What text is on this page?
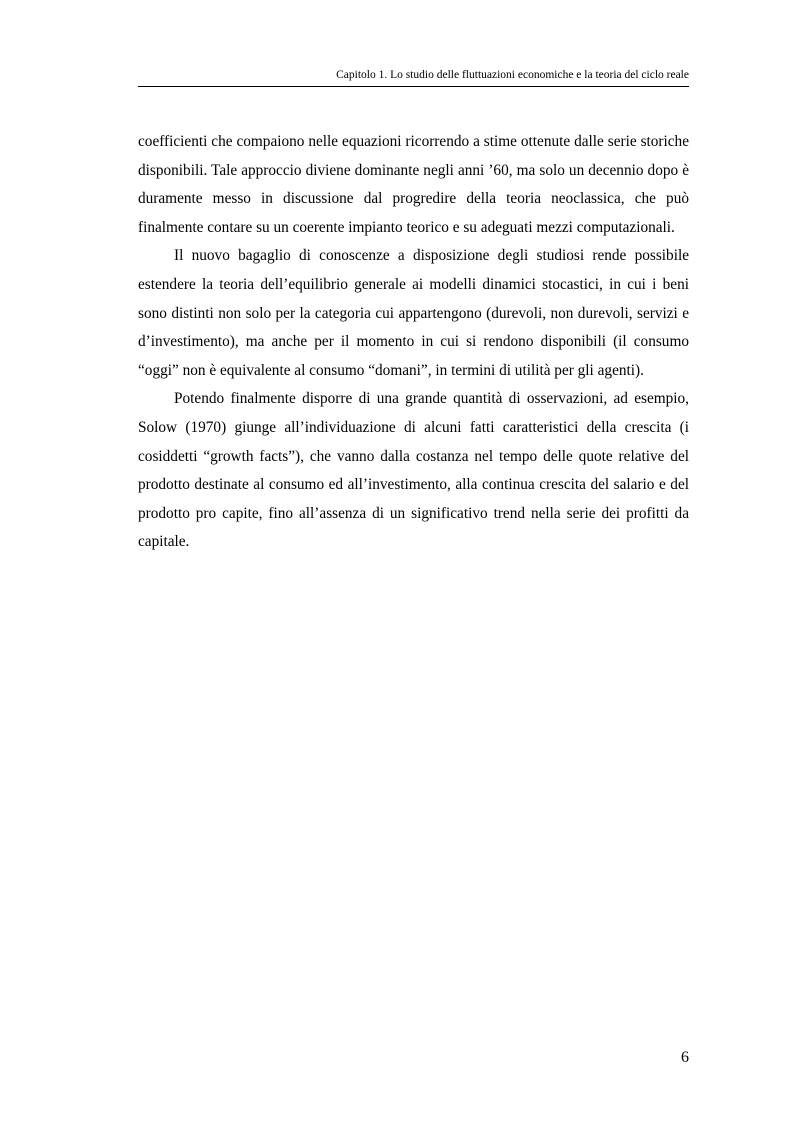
Capitolo 1. Lo studio delle fluttuazioni economiche e la teoria del ciclo reale

coefficienti che compaiono nelle equazioni ricorrendo a stime ottenute dalle serie storiche disponibili. Tale approccio diviene dominante negli anni ’60, ma solo un decennio dopo è duramente messo in discussione dal progredire della teoria neoclassica, che può finalmente contare su un coerente impianto teorico e su adeguati mezzi computazionali.

Il nuovo bagaglio di conoscenze a disposizione degli studiosi rende possibile estendere la teoria dell’equilibrio generale ai modelli dinamici stocastici, in cui i beni sono distinti non solo per la categoria cui appartengono (durevoli, non durevoli, servizi e d’investimento), ma anche per il momento in cui si rendono disponibili (il consumo “oggi” non è equivalente al consumo “domani”, in termini di utilità per gli agenti).

Potendo finalmente disporre di una grande quantità di osservazioni, ad esempio, Solow (1970) giunge all’individuazione di alcuni fatti caratteristici della crescita (i cosiddetti “growth facts”), che vanno dalla costanza nel tempo delle quote relative del prodotto destinate al consumo ed all’investimento, alla continua crescita del salario e del prodotto pro capite, fino all’assenza di un significativo trend nella serie dei profitti da capitale.

6
